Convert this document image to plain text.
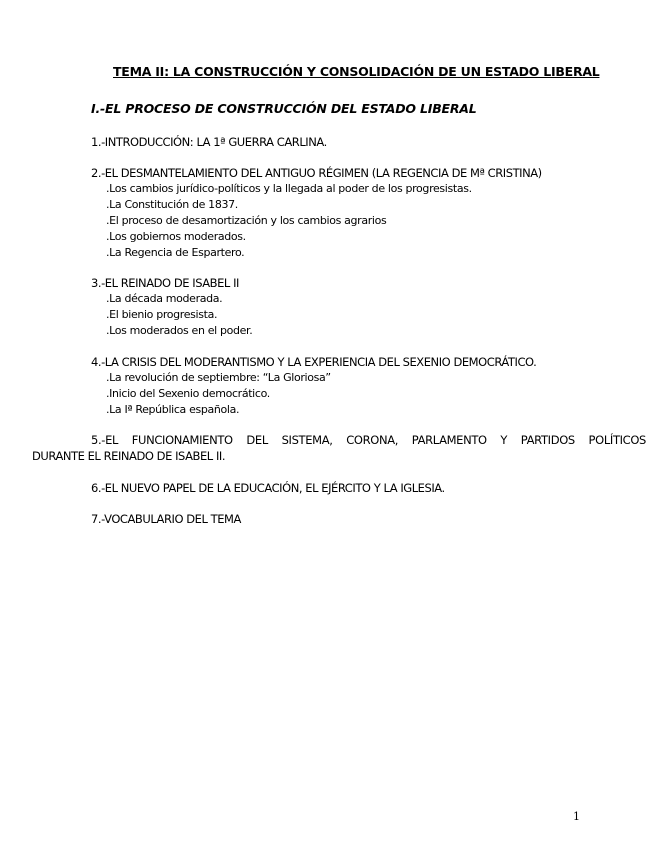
TEMA II: LA CONSTRUCCIÓN Y CONSOLIDACIÓN DE UN ESTADO LIBERAL
I.-EL PROCESO DE CONSTRUCCIÓN DEL ESTADO LIBERAL
1.-INTRODUCCIÓN: LA 1ª GUERRA CARLINA.
2.-EL DESMANTELAMIENTO DEL ANTIGUO RÉGIMEN (LA REGENCIA DE Mª CRISTINA)
.Los cambios jurídico-políticos y la llegada al poder de los progresistas.
.La Constitución de 1837.
.El proceso de desamortización y los cambios agrarios
.Los gobiernos moderados.
.La Regencia de Espartero.
3.-EL REINADO DE ISABEL II
.La década moderada.
.El bienio progresista.
.Los moderados en el poder.
4.-LA CRISIS DEL MODERANTISMO Y LA EXPERIENCIA DEL SEXENIO DEMOCRÁTICO.
.La revolución de septiembre: “La Gloriosa”
.Inicio del Sexenio democrático.
.La Iª República española.
5.-EL FUNCIONAMIENTO DEL SISTEMA, CORONA, PARLAMENTO Y PARTIDOS POLÍTICOS
DURANTE EL REINADO DE ISABEL II.
6.-EL NUEVO PAPEL DE LA EDUCACIÓN, EL EJÉRCITO Y LA IGLESIA.
7.-VOCABULARIO DEL TEMA
1
